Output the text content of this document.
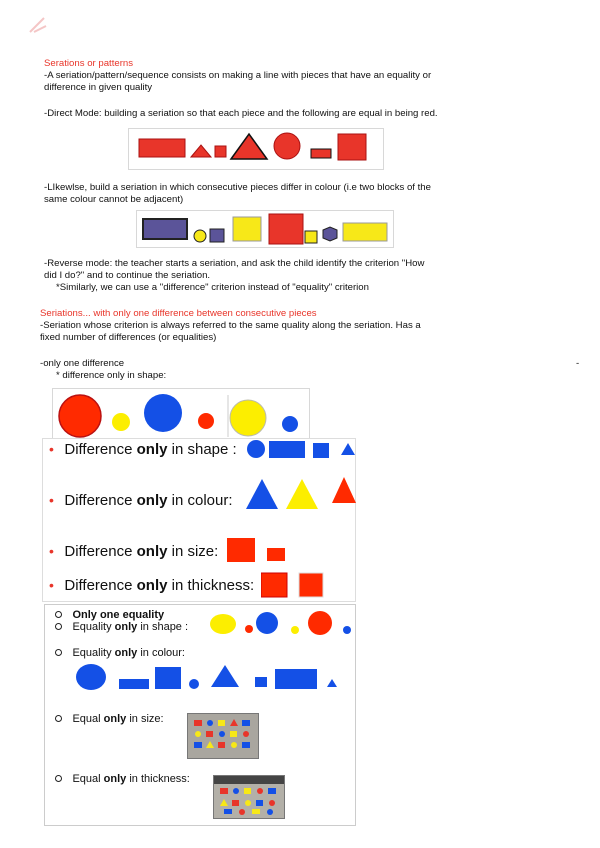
Serations or patterns
-A seriation/pattern/sequence consists on making a line with pieces that have an equality or
difference in given quality
-Direct Mode: building a seriation so that each piece and the following are equal in being red.
-LIkewlse, build a seriation in which consecutive pieces differ in colour (i.e two blocks of the
same colour cannot be adjacent)
-Reverse mode: the teacher starts a seriation, and ask the child identify the criterion "How
did I do?" and to continue the seriation.
*Similarly, we can use a "difference" criterion instead of "equality" criterion
Seriations... with only one difference between consecutive pieces
-Seriation whose criterion is always referred to the same quality along the seriation. Has a
fixed number of differences (or equalities)
-only one difference	-
* difference only in shape:
• Difference only in shape :
• Difference only in colour:
• Difference only in size:
• Difference only in thickness:
Only one equality
Equality only in shape :
Equality only in colour:
Equal only in size:
Equal only in thickness:
